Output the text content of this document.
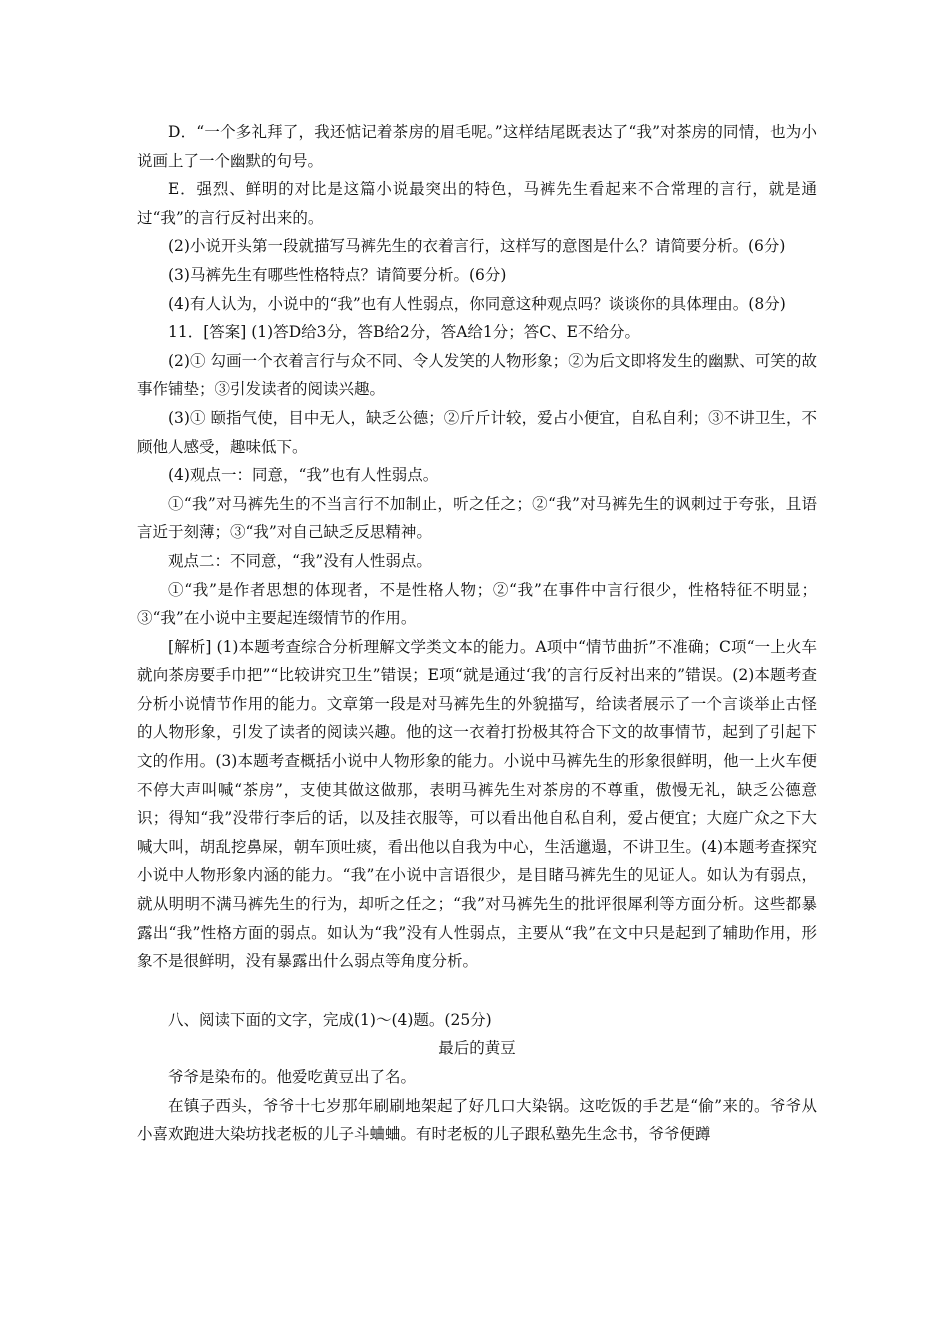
D．“一个多礼拜了，我还惦记着茶房的眉毛呢。”这样结尾既表达了“我”对茶房的同情，也为小说画上了一个幽默的句号。

E．强烈、鲜明的对比是这篇小说最突出的特色，马裤先生看起来不合常理的言行，就是通过“我”的言行反衬出来的。

(2)小说开头第一段就描写马裤先生的衣着言行，这样写的意图是什么？请简要分析。(6分)

(3)马裤先生有哪些性格特点？请简要分析。(6分)

(4)有人认为，小说中的“我”也有人性弱点，你同意这种观点吗？谈谈你的具体理由。(8分)

11．[答案] (1)答D给3分，答B给2分，答A给1分；答C、E不给分。

(2)① 勾画一个衣着言行与众不同、令人发笑的人物形象；②为后文即将发生的幽默、可笑的故事作铺垫；③引发读者的阅读兴趣。

(3)① 颐指气使，目中无人，缺乏公德；②斤斤计较，爱占小便宜，自私自利；③不讲卫生，不顾他人感受，趣味低下。

(4)观点一：同意，“我”也有人性弱点。

①“我”对马裤先生的不当言行不加制止，听之任之；②“我”对马裤先生的讽刺过于夸张，且语言近于刻薄；③“我”对自己缺乏反思精神。

观点二：不同意，“我”没有人性弱点。

①“我”是作者思想的体现者，不是性格人物；②“我”在事件中言行很少，性格特征不明显；③“我”在小说中主要起连缀情节的作用。

[解析] (1)本题考查综合分析理解文学类文本的能力。A项中“情节曲折”不准确；C项“一上火车就向茶房要手巾把”“比较讲究卫生”错误；E项“就是通过‘我’的言行反衬出来的”错误。(2)本题考查分析小说情节作用的能力。文章第一段是对马裤先生的外貌描写，给读者展示了一个言谈举止古怪的人物形象，引发了读者的阅读兴趣。他的这一衣着打扮极其符合下文的故事情节，起到了引起下文的作用。(3)本题考查概括小说中人物形象的能力。小说中马裤先生的形象很鲜明，他一上火车便不停大声叫喊“茶房”，支使其做这做那，表明马裤先生对茶房的不尊重，傲慢无礼，缺乏公德意识；得知“我”没带行李后的话，以及挂衣服等，可以看出他自私自利，爱占便宜；大庭广众之下大喊大叫，胡乱挖鼻屎，朝车顶吐痰，看出他以自我为中心，生活邋遢，不讲卫生。(4)本题考查探究小说中人物形象内涵的能力。“我”在小说中言语很少，是目睹马裤先生的见证人。如认为有弱点，就从明明不满马裤先生的行为，却听之任之；“我”对马裤先生的批评很犀利等方面分析。这些都暴露出“我”性格方面的弱点。如认为“我”没有人性弱点，主要从“我”在文中只是起到了辅助作用，形象不是很鲜明，没有暴露出什么弱点等角度分析。

八、阅读下面的文字，完成(1)～(4)题。(25分)

最后的黄豆

爷爷是染布的。他爱吃黄豆出了名。

在镇子西头，爷爷十七岁那年刷刷地架起了好几口大染锅。这吃饭的手艺是“偷”来的。爷爷从小喜欢跑进大染坊找老板的儿子斗蛐蛐。有时老板的儿子跟私塾先生念书，爷爷便蹲
